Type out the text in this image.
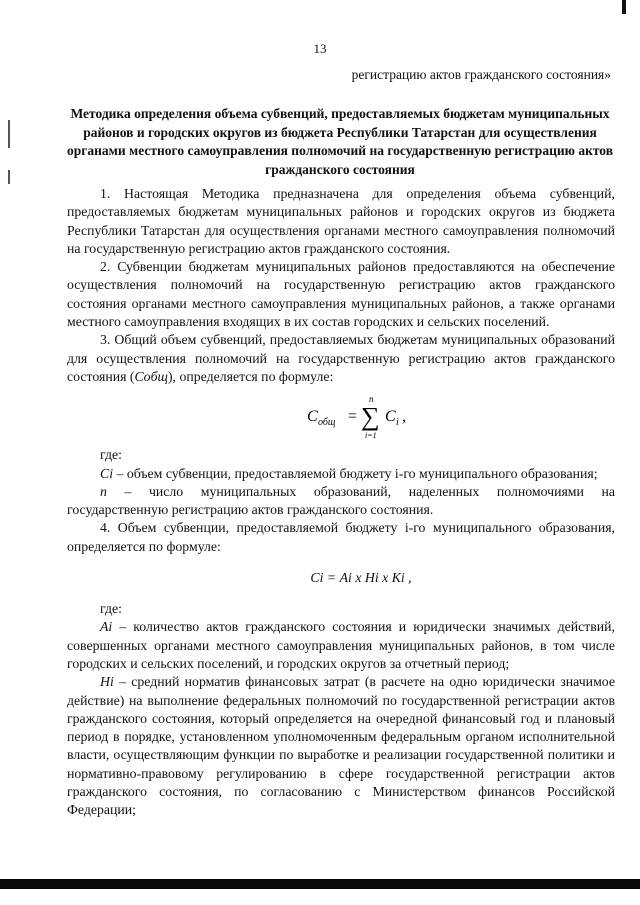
13
регистрацию актов гражданского состояния»
Методика определения объема субвенций, предоставляемых бюджетам муниципальных районов и городских округов из бюджета Республики Татарстан для осуществления органами местного самоуправления полномочий на государственную регистрацию актов гражданского состояния

1. Настоящая Методика предназначена для определения объема субвенций, предоставляемых бюджетам муниципальных районов и городских округов из бюджета Республики Татарстан для осуществления органами местного самоуправления полномочий на государственную регистрацию актов гражданского состояния.

2. Субвенции бюджетам муниципальных районов предоставляются на обеспечение осуществления полномочий на государственную регистрацию актов гражданского состояния органами местного самоуправления муниципальных районов, а также органами местного самоуправления входящих в их состав городских и сельских поселений.

3. Общий объем субвенций, предоставляемых бюджетам муниципальных образований для осуществления полномочий на государственную регистрацию актов гражданского состояния (Сoбщ), определяется по формуле:

С общ =
n
∑
i=1
С i ,

где:

Сi – объем субвенции, предоставляемой бюджету i-го муниципального образования;

n – число муниципальных образований, наделенных полномочиями на государственную регистрацию актов гражданского состояния.

4. Объем субвенции, предоставляемой бюджету i-го муниципального образования, определяется по формуле:

Сi = Аi x Нi x Кi ,

где:

Аi – количество актов гражданского состояния и юридически значимых действий, совершенных органами местного самоуправления муниципальных районов, в том числе городских и сельских поселений, и городских округов за отчетный период;

Нi – средний норматив финансовых затрат (в расчете на одно юридически значимое действие) на выполнение федеральных полномочий по государственной регистрации актов гражданского состояния, который определяется на очередной финансовый год и плановый период в порядке, установленном уполномоченным федеральным органом исполнительной власти, осуществляющим функции по выработке и реализации государственной политики и нормативно-правовому регулированию в сфере государственной регистрации актов гражданского состояния, по согласованию с Министерством финансов Российской Федерации;
